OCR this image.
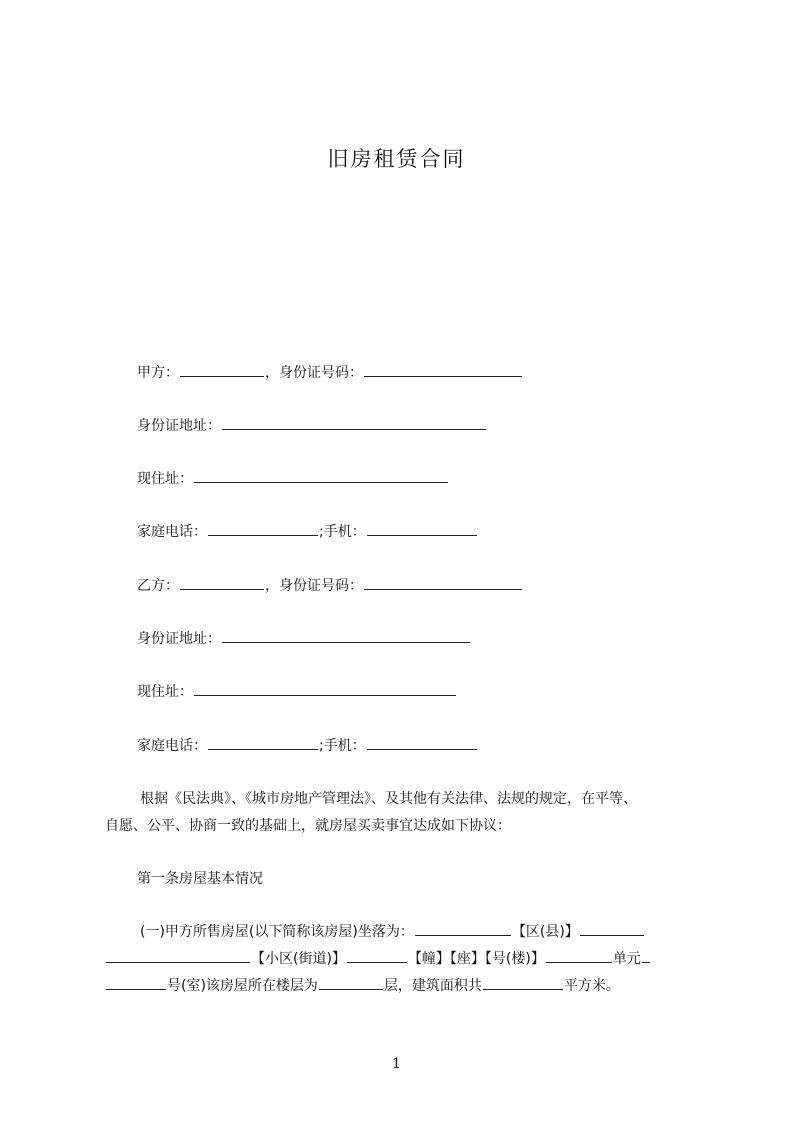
旧房租赁合同
甲方：	，身份证号码：
身份证地址：
现住址：
家庭电话：	;手机：
乙方：	，身份证号码：
身份证地址：
现住址：
家庭电话：	;手机：
根据《民法典》、《城市房地产管理法》、及其他有关法律、法规的规定，在平等、
自愿、公平、协商一致的基础上，就房屋买卖事宜达成如下协议：
第一条房屋基本情况
(一)甲方所售房屋(以下简称该房屋)坐落为：	【区(县)】
【小区(街道)】	【幢】【座】【号(楼)】	单元
号(室)该房屋所在楼层为	层，建筑面积共	平方米。
1
